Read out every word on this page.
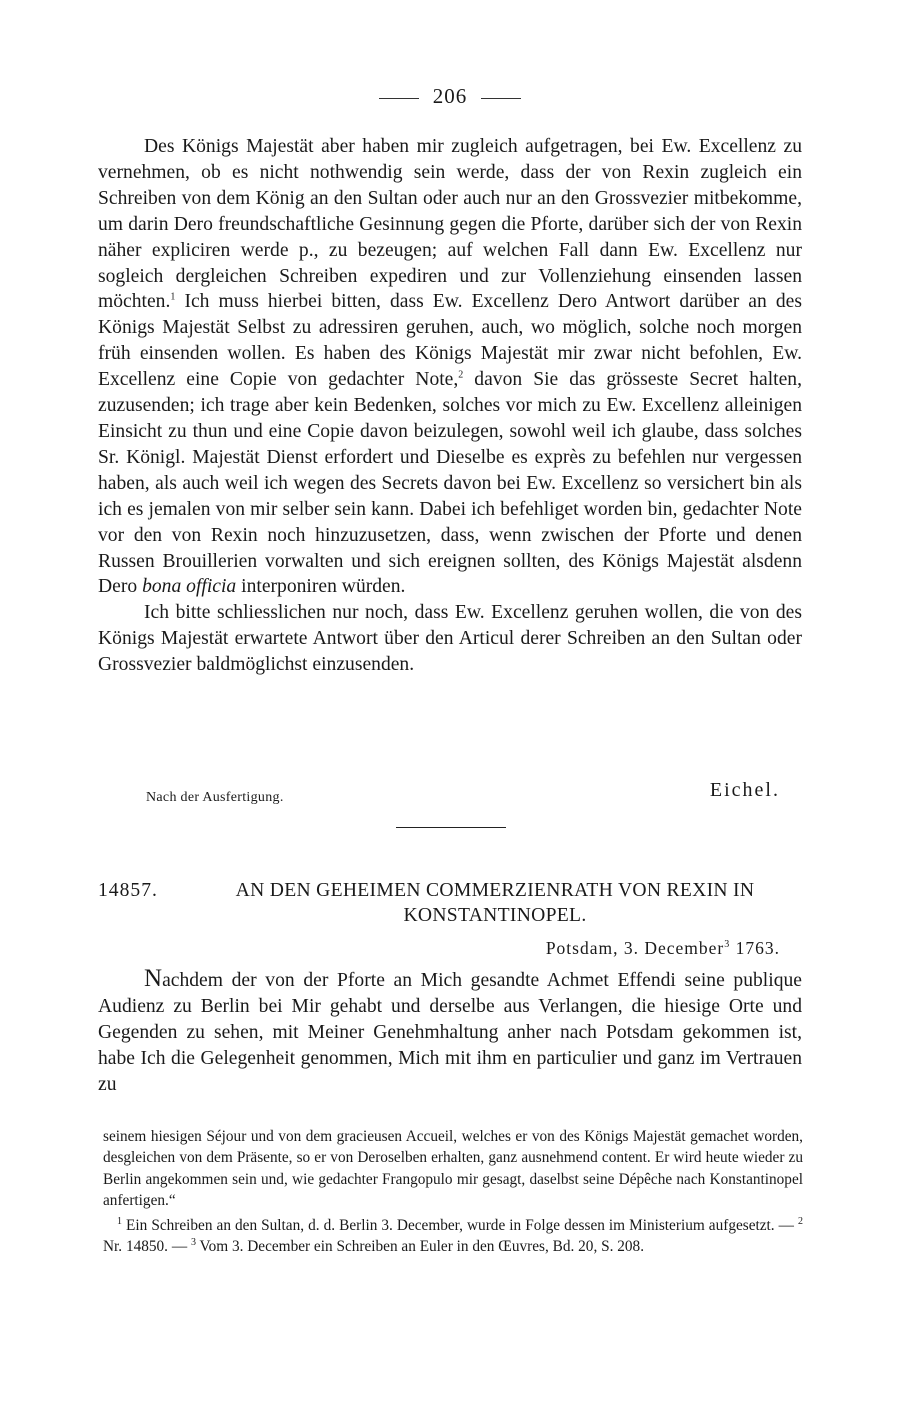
206

Des Königs Majestät aber haben mir zugleich aufgetragen, bei Ew. Excellenz zu vernehmen, ob es nicht nothwendig sein werde, dass der von Rexin zugleich ein Schreiben von dem König an den Sultan oder auch nur an den Grossvezier mitbekomme, um darin Dero freundschaftliche Gesinnung gegen die Pforte, darüber sich der von Rexin näher expliciren werde p., zu bezeugen; auf welchen Fall dann Ew. Excellenz nur sogleich dergleichen Schreiben expediren und zur Vollenziehung einsenden lassen möchten.$^1$ Ich muss hierbei bitten, dass Ew. Excellenz Dero Antwort darüber an des Königs Majestät Selbst zu adressiren geruhen, auch, wo möglich, solche noch morgen früh einsenden wollen. Es haben des Königs Majestät mir zwar nicht befohlen, Ew. Excellenz eine Copie von gedachter Note,$^2$ davon Sie das grösseste Secret halten, zuzusenden; ich trage aber kein Bedenken, solches vor mich zu Ew. Excellenz alleinigen Einsicht zu thun und eine Copie davon beizulegen, sowohl weil ich glaube, dass solches Sr. Königl. Majestät Dienst erfordert und Dieselbe es exprès zu befehlen nur vergessen haben, als auch weil ich wegen des Secrets davon bei Ew. Excellenz so versichert bin als ich es jemalen von mir selber sein kann. Dabei ich befehliget worden bin, gedachter Note vor den von Rexin noch hinzuzusetzen, dass, wenn zwischen der Pforte und denen Russen Brouillerien vorwalten und sich ereignen sollten, des Königs Majestät alsdenn Dero bona officia interponiren würden.

Ich bitte schliesslichen nur noch, dass Ew. Excellenz geruhen wollen, die von des Königs Majestät erwartete Antwort über den Articul derer Schreiben an den Sultan oder Grossvezier baldmöglichst einzusenden.

Nach der Ausfertigung.	Eichel.
14857.	AN DEN GEHEIMEN COMMERZIENRATH VON REXIN IN KONSTANTINOPEL.
Potsdam, 3. December$^3$ 1763.

Nachdem der von der Pforte an Mich gesandte Achmet Effendi seine publique Audienz zu Berlin bei Mir gehabt und derselbe aus Verlangen, die hiesige Orte und Gegenden zu sehen, mit Meiner Genehmhaltung anher nach Potsdam gekommen ist, habe Ich die Gelegenheit genommen, Mich mit ihm en particulier und ganz im Vertrauen zu

seinem hiesigen Séjour und von dem gracieusen Accueil, welches er von des Königs Majestät gemachet worden, desgleichen von dem Präsente, so er von Deroselben erhalten, ganz ausnehmend content. Er wird heute wieder zu Berlin angekommen sein und, wie gedachter Frangopulo mir gesagt, daselbst seine Dépêche nach Konstantinopel anfertigen.“

$^1$ Ein Schreiben an den Sultan, d. d. Berlin 3. December, wurde in Folge dessen im Ministerium aufgesetzt. — $^2$ Nr. 14850. — $^3$ Vom 3. December ein Schreiben an Euler in den Œuvres, Bd. 20, S. 208.
